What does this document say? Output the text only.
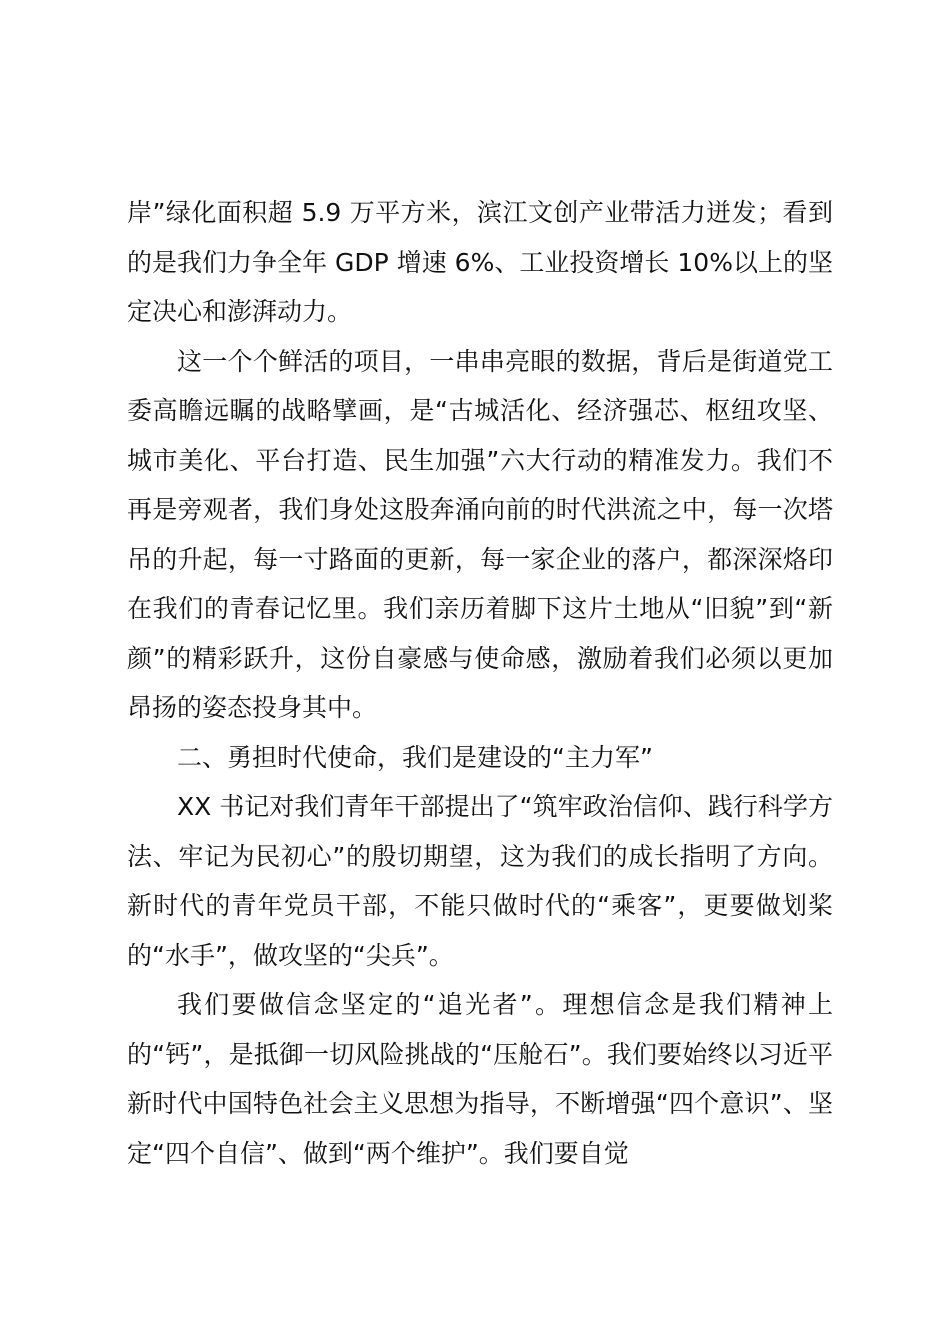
岸”绿化面积超 5.9 万平方米，滨江文创产业带活力迸发；看到的是我们力争全年 GDP 增速 6%、工业投资增长 10%以上的坚定决心和澎湃动力。

这一个个鲜活的项目，一串串亮眼的数据，背后是街道党工委高瞻远瞩的战略擘画，是“古城活化、经济强芯、枢纽攻坚、城市美化、平台打造、民生加强”六大行动的精准发力。我们不再是旁观者，我们身处这股奔涌向前的时代洪流之中，每一次塔吊的升起，每一寸路面的更新，每一家企业的落户，都深深烙印在我们的青春记忆里。我们亲历着脚下这片土地从“旧貌”到“新颜”的精彩跃升，这份自豪感与使命感，激励着我们必须以更加昂扬的姿态投身其中。

二、勇担时代使命，我们是建设的“主力军”

XX 书记对我们青年干部提出了“筑牢政治信仰、践行科学方法、牢记为民初心”的殷切期望，这为我们的成长指明了方向。新时代的青年党员干部，不能只做时代的“乘客”，更要做划桨的“水手”，做攻坚的“尖兵”。

我们要做信念坚定的“追光者”。理想信念是我们精神上的“钙”，是抵御一切风险挑战的“压舱石”。我们要始终以习近平新时代中国特色社会主义思想为指导，不断增强“四个意识”、坚定“四个自信”、做到“两个维护”。我们要自觉
